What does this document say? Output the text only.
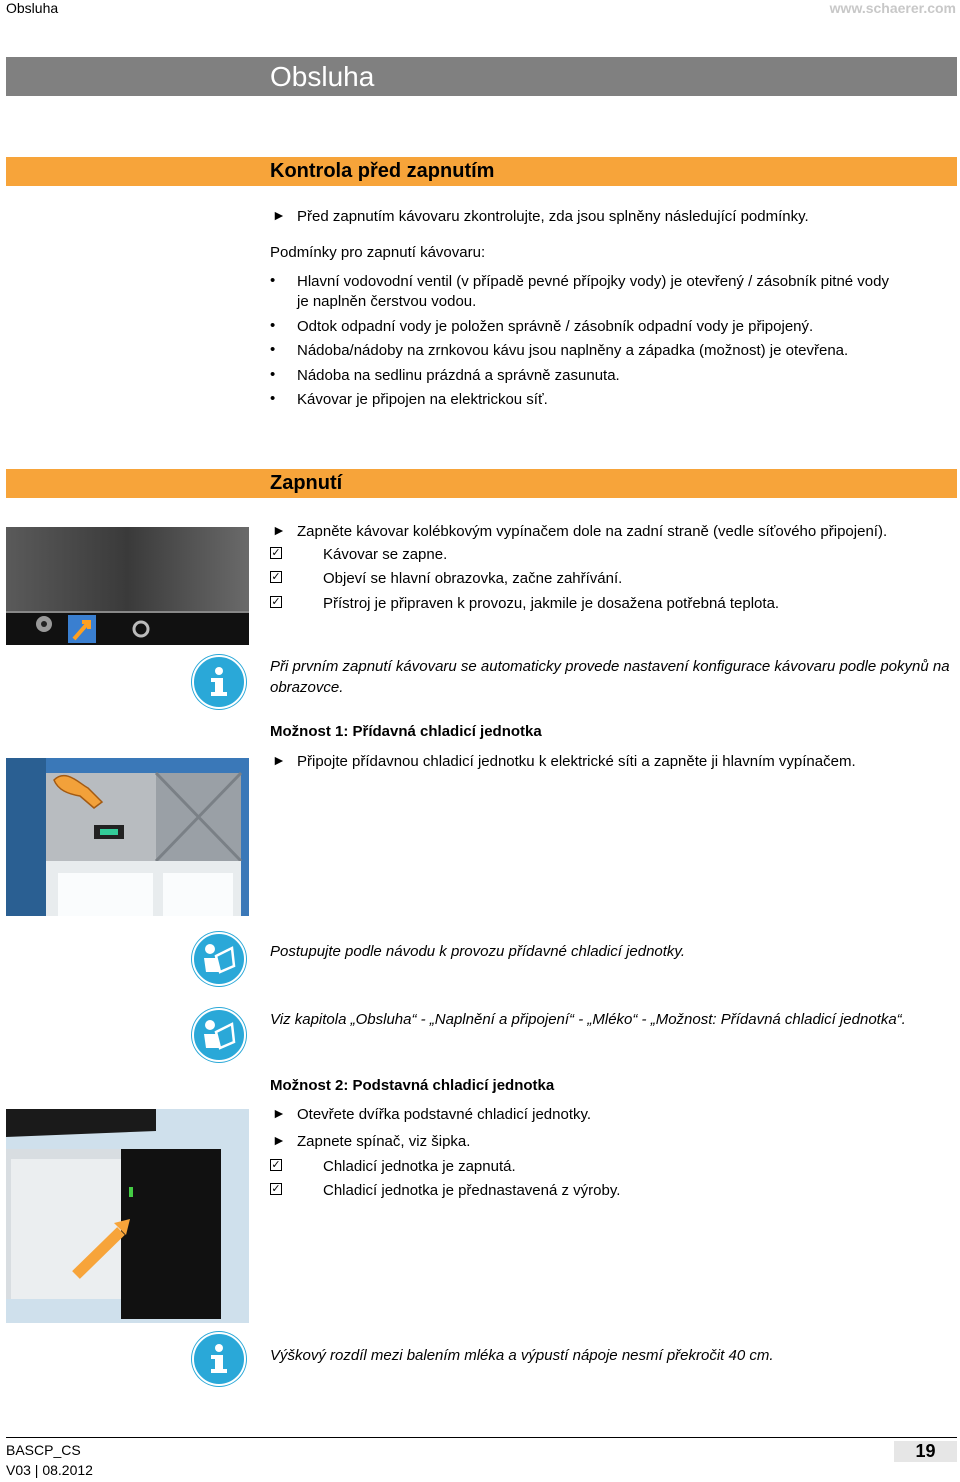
Obsluha	www.schaerer.com
Obsluha
Kontrola před zapnutím
► Před zapnutím kávovaru zkontrolujte, zda jsou splněny následující podmínky.
Podmínky pro zapnutí kávovaru:
• Hlavní vodovodní ventil (v případě pevné přípojky vody) je otevřený / zásobník pitné vody
je naplněn čerstvou vodou.
• Odtok odpadní vody je položen správně / zásobník odpadní vody je připojený.
• Nádoba/nádoby na zrnkovou kávu jsou naplněny a západka (možnost) je otevřena.
• Nádoba na sedlinu prázdná a správně zasunuta.
• Kávovar je připojen na elektrickou síť.
Zapnutí
► Zapněte kávovar kolébkovým vypínačem dole na zadní straně (vedle síťového připojení).
✓	Kávovar se zapne.
✓	Objeví se hlavní obrazovka, začne zahřívání.
✓	Přístroj je připraven k provozu, jakmile je dosažena potřebná teplota.
Při prvním zapnutí kávovaru se automaticky provede nastavení konfigurace kávovaru podle pokynů na obrazovce.
Možnost 1: Přídavná chladicí jednotka
► Připojte přídavnou chladicí jednotku k elektrické síti a zapněte ji hlavním vypínačem.
Postupujte podle návodu k provozu přídavné chladicí jednotky.
Viz kapitola „Obsluha“ - „Naplnění a připojení“ - „Mléko“ - „Možnost: Přídavná chladicí jednotka“.
Možnost 2: Podstavná chladicí jednotka
► Otevřete dvířka podstavné chladicí jednotky.
► Zapnete spínač, viz šipka.
✓	Chladicí jednotka je zapnutá.
✓	Chladicí jednotka je přednastavená z výroby.
Výškový rozdíl mezi balením mléka a výpustí nápoje nesmí překročit 40 cm.
BASCP_CS
V03 | 08.2012
19
